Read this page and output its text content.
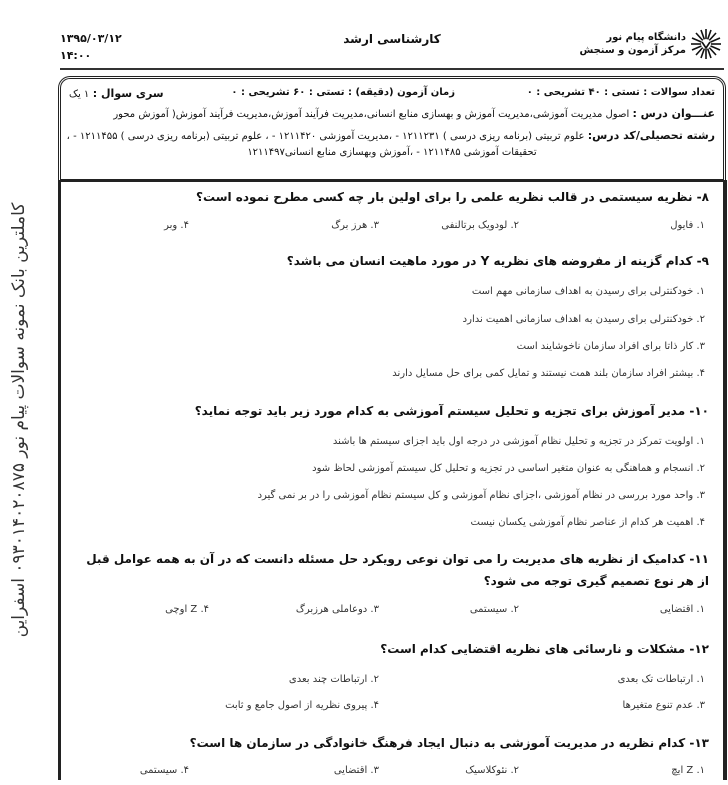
کاملترین بانک نمونه سوالات پیام نور ۰۹۳۰۱۴۰۲۰۸۷۵ اسفراین
۱۳۹۵/۰۳/۱۲
۱۴:۰۰
کارشناسی ارشد	دانشگاه پیام نور
مرکز آزمون و سنجش
تعداد سوالات : تستی : ۴۰ تشریحی : ۰
زمان آزمون (دقیقه) : تستی : ۶۰ تشریحی : ۰
سری سوال : ۱ یک
عنـــوان درس : اصول مدیریت آموزشی،مدیریت آموزش و بهسازی منابع انسانی،مدیریت فرآیند آموزش،مدیریت فرآیند آموزش( آموزش محور
رشته تحصیلی/کد درس: علوم تربیتی (برنامه ریزی درسی ) ۱۲۱۱۲۳۱ - ،مدیریت آموزشی ۱۲۱۱۴۲۰ - ، علوم تربیتی (برنامه ریزی درسی ) ۱۲۱۱۴۵۵ - ،
تحقیقات آموزشی ۱۲۱۱۴۸۵ - ،آموزش وبهسازی منابع انسانی۱۲۱۱۴۹۷
۸- نظریه سیستمی در قالب نظریه علمی را برای اولین بار چه کسی مطرح نموده است؟
۱. فایول
۲. لودویک برتالنفی
۳. هرز برگ
۴. وبر
۹- کدام گزینه از مفروضه های نظریه Y در مورد ماهیت انسان می باشد؟
۱. خودکنترلی برای رسیدن به اهداف سازمانی مهم است
۲. خودکنترلی برای رسیدن به اهداف سازمانی اهمیت ندارد
۳. کار ذاتا برای افراد سازمان ناخوشایند است
۴. بیشتر افراد سازمان بلند همت نیستند و تمایل کمی برای حل مسایل دارند
۱۰- مدیر آموزش برای تجزیه و تحلیل سیستم آموزشی به کدام مورد زیر باید توجه نماید؟
۱. اولویت تمرکز در تجزیه و تحلیل نظام آموزشی در درجه اول باید اجزای سیستم ها باشند
۲. انسجام و هماهنگی به عنوان متغیر اساسی در تجزیه و تحلیل کل سیستم آموزشی لحاظ شود
۳. واحد مورد بررسی در نظام آموزشی ،اجزای نظام آموزشی و کل سیستم نظام آموزشی را در بر نمی گیرد
۴. اهمیت هر کدام از عناصر نظام آموزشی یکسان نیست
۱۱- کدامیک از نظریه های مدیریت را می توان نوعی رویکرد حل مسئله دانست که در آن به همه عوامل قبل از هر نوع تصمیم گیری توجه می شود؟
۱. اقتضایی
۲. سیستمی
۳. دوعاملی هرزبرگ
۴. Z اوچی
۱۲- مشکلات و نارسائی های نظریه اقتضایی کدام است؟
۱. ارتباطات تک بعدی
۲. ارتباطات چند بعدی
۳. عدم تنوع متغیرها
۴. پیروی نظریه از اصول جامع و ثابت
۱۳- کدام نظریه در مدیریت آموزشی به دنبال ایجاد فرهنگ خانوادگی در سازمان ها است؟
۱. Z ایچ
۲. نئوکلاسیک
۳. اقتضایی
۴. سیستمی
